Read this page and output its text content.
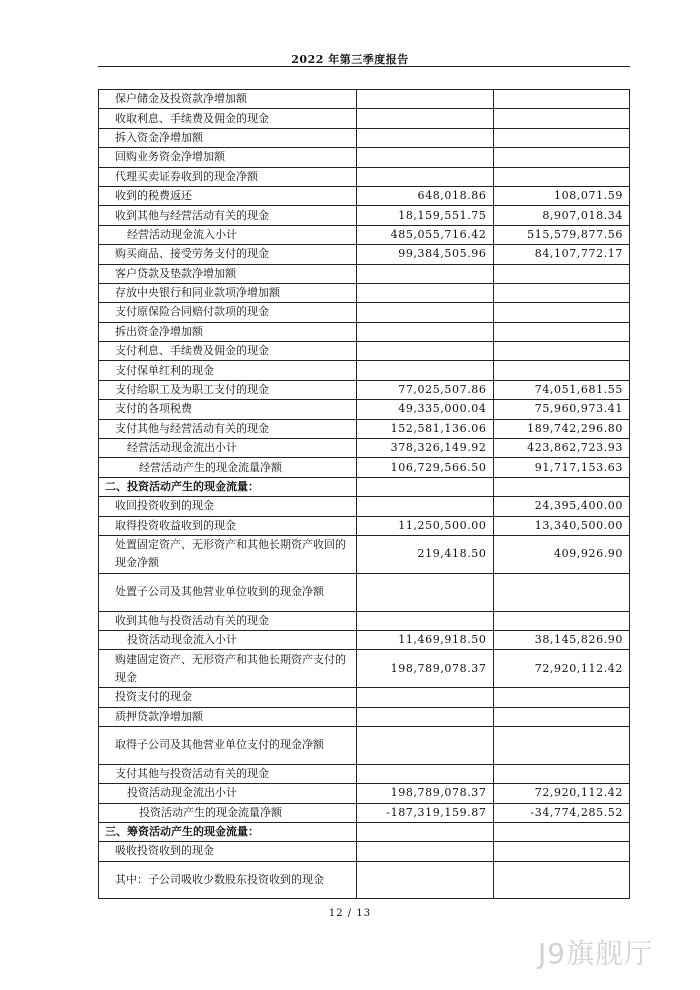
2022 年第三季度报告
保户储金及投资款净增加额		
收取利息、手续费及佣金的现金		
拆入资金净增加额		
回购业务资金净增加额		
代理买卖证券收到的现金净额		
收到的税费返还	648,018.86	108,071.59
收到其他与经营活动有关的现金	18,159,551.75	8,907,018.34
经营活动现金流入小计	485,055,716.42	515,579,877.56
购买商品、接受劳务支付的现金	99,384,505.96	84,107,772.17
客户贷款及垫款净增加额		
存放中央银行和同业款项净增加额		
支付原保险合同赔付款项的现金		
拆出资金净增加额		
支付利息、手续费及佣金的现金		
支付保单红利的现金		
支付给职工及为职工支付的现金	77,025,507.86	74,051,681.55
支付的各项税费	49,335,000.04	75,960,973.41
支付其他与经营活动有关的现金	152,581,136.06	189,742,296.80
经营活动现金流出小计	378,326,149.92	423,862,723.93
经营活动产生的现金流量净额	106,729,566.50	91,717,153.63
二、投资活动产生的现金流量：		
收回投资收到的现金		24,395,400.00
取得投资收益收到的现金	11,250,500.00	13,340,500.00
处置固定资产、无形资产和其他长期资产收回的现金净额	219,418.50	409,926.90
处置子公司及其他营业单位收到的现金净额		
收到其他与投资活动有关的现金		
投资活动现金流入小计	11,469,918.50	38,145,826.90
购建固定资产、无形资产和其他长期资产支付的现金	198,789,078.37	72,920,112.42
投资支付的现金		
质押贷款净增加额		
取得子公司及其他营业单位支付的现金净额		
支付其他与投资活动有关的现金		
投资活动现金流出小计	198,789,078.37	72,920,112.42
投资活动产生的现金流量净额	-187,319,159.87	-34,774,285.52
三、筹资活动产生的现金流量：		
吸收投资收到的现金		
其中：子公司吸收少数股东投资收到的现金		
12 / 13
J9旗舰厅
